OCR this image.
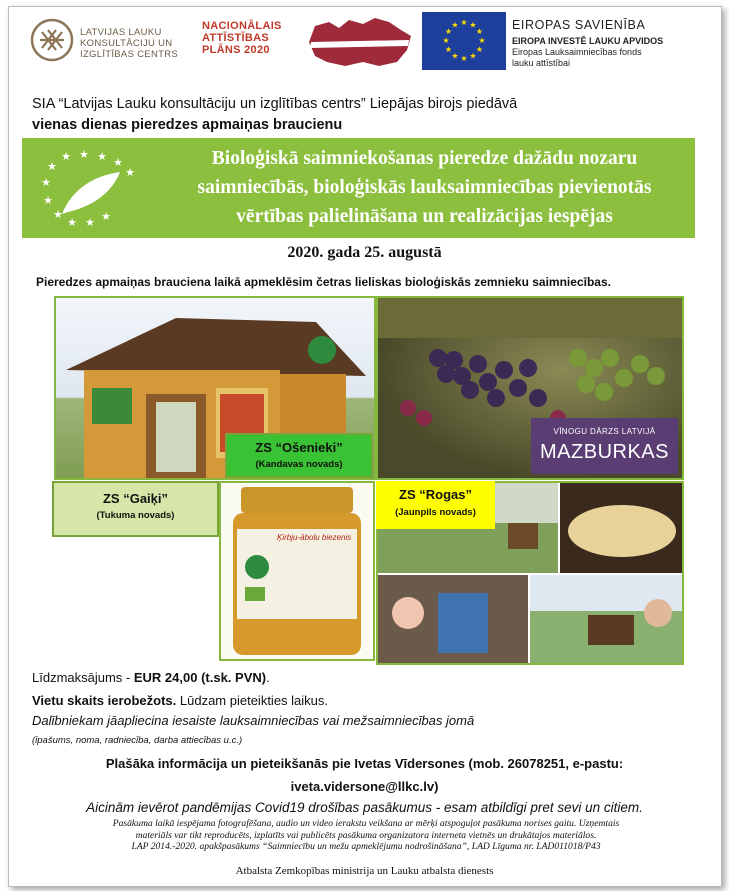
LATVIJAS LAUKU
KONSULTĀCIJU UN
IZGLĪTĪBAS CENTRS
NACIONĀLAIS
ATTĪSTĪBAS
PLĀNS 2020
★ ★
★
★
★
★
★
★
★
★
★
★	EIROPAS SAVIENĪBA
EIROPA INVESTĒ LAUKU APVIDOS
Eiropas Lauksaimniecības fonds
lauku attīstībai
SIA “Latvijas Lauku konsultāciju un izglītības centrs” Liepājas birojs piedāvā
vienas dienas pieredzes apmaiņas braucienu
★ ★ ★ ★
★
★
★
★
★ ★ ★
★
Bioloģiskā saimniekošanas pieredze dažādu nozaru
saimniecībās, bioloģiskās lauksaimniecības pievienotās
vērtības palielināšana un realizācijas iespējas
2020. gada 25. augustā
Pieredzes apmaiņas brauciena laikā apmeklēsim četras lieliskas bioloģiskās zemnieku saimniecības.
VĪNOGU DĀRZS LATVIJĀ
MAZBURKAS
ZS “Ošenieki”
(Kandavas novads)
ZS “Gaiķi”
(Tukuma novads)
Ķirbju-ābolu biezenis
ZS “Rogas”
(Jaunpils novads)
Līdzmaksājums - EUR 24,00 (t.sk. PVN).
Vietu skaits ierobežots. Lūdzam pieteikties laikus.
Dalībniekam jāapliecina iesaiste lauksaimniecības vai mežsaimniecības jomā
(īpašums, noma, radniecība, darba attiecības u.c.)
Plašāka informācija un pieteikšanās pie Ivetas Vīdersones (mob. 26078251, e-pastu:
iveta.vidersone@llkc.lv)
Aicinām ievērot pandēmijas Covid19 drošības pasākumus - esam atbildīgi pret sevi un citiem.
Pasākuma laikā iespējama fotografēšana, audio un video ierakstu veikšana ar mērķi atspoguļot pasākuma norises gaitu. Uzņemtais
materiāls var tikt reproducēts, izplatīts vai publicēts pasākuma organizatora interneta vietnēs un drukātajos materiālos.
LAP 2014.-2020. apakšpasākums “Saimniecību un mežu apmeklējumu nodrošināšana”, LAD Līguma nr. LAD011018/P43
Atbalsta Zemkopības ministrija un Lauku atbalsta dienests
